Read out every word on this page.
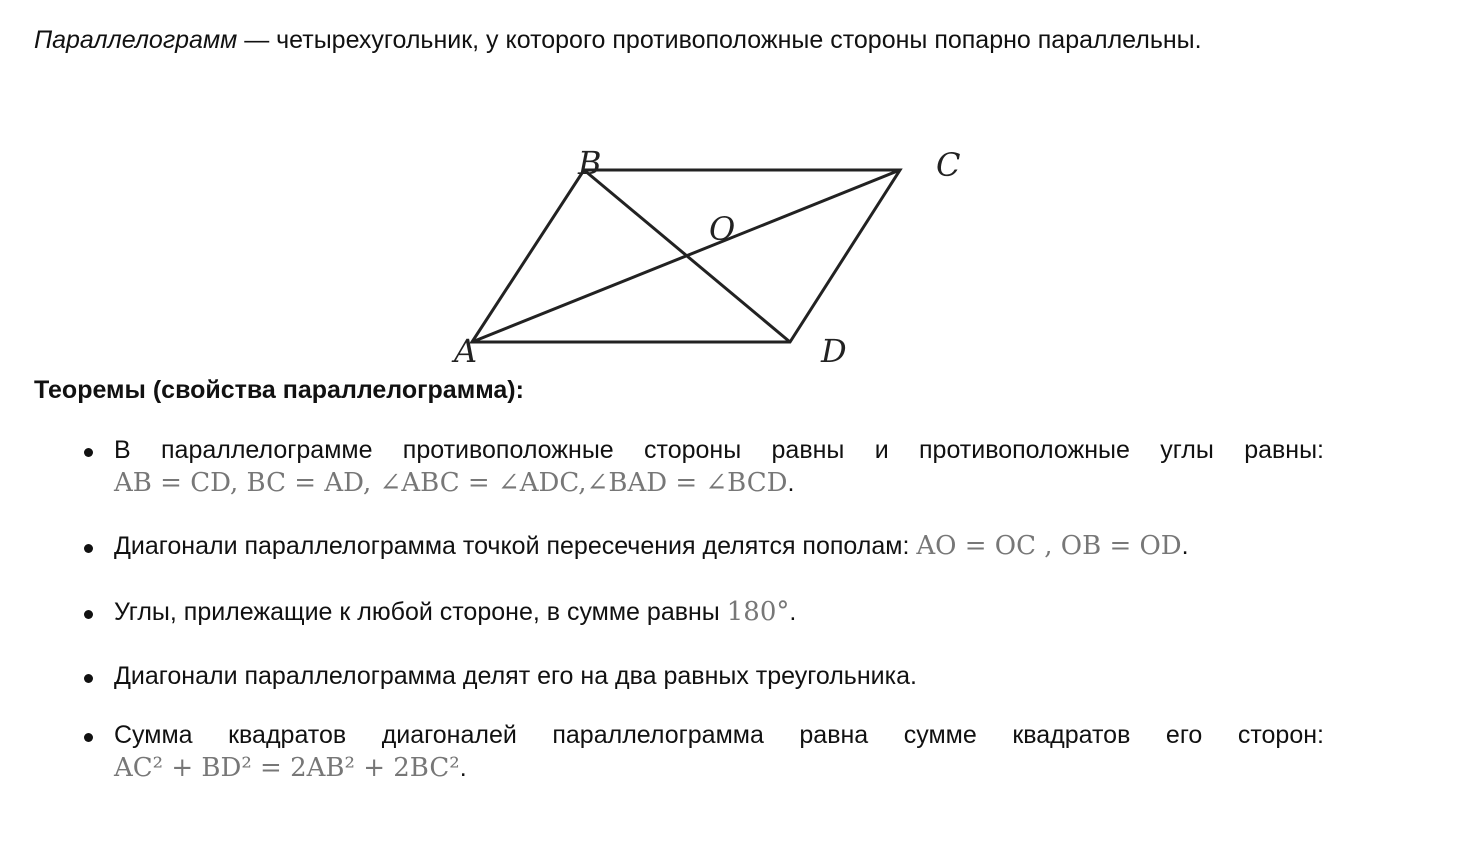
Параллелограмм — четырехугольник, у которого противоположные стороны попарно параллельны.

A
B	C
D
O

Теоремы (свойства параллелограмма):

В параллелограмме противоположные стороны равны и противоположные углы равны: AB = CD, BC = AD, ∠ABC = ∠ADC,∠BAD = ∠BCD.
Диагонали параллелограмма точкой пересечения делятся пополам: AO = OC , OB = OD.
Углы, прилежащие к любой стороне, в сумме равны 180°.
Диагонали параллелограмма делят его на два равных треугольника.
Сумма квадратов диагоналей параллелограмма равна сумме квадратов его сторон: AC² + BD² = 2AB² + 2BC².
